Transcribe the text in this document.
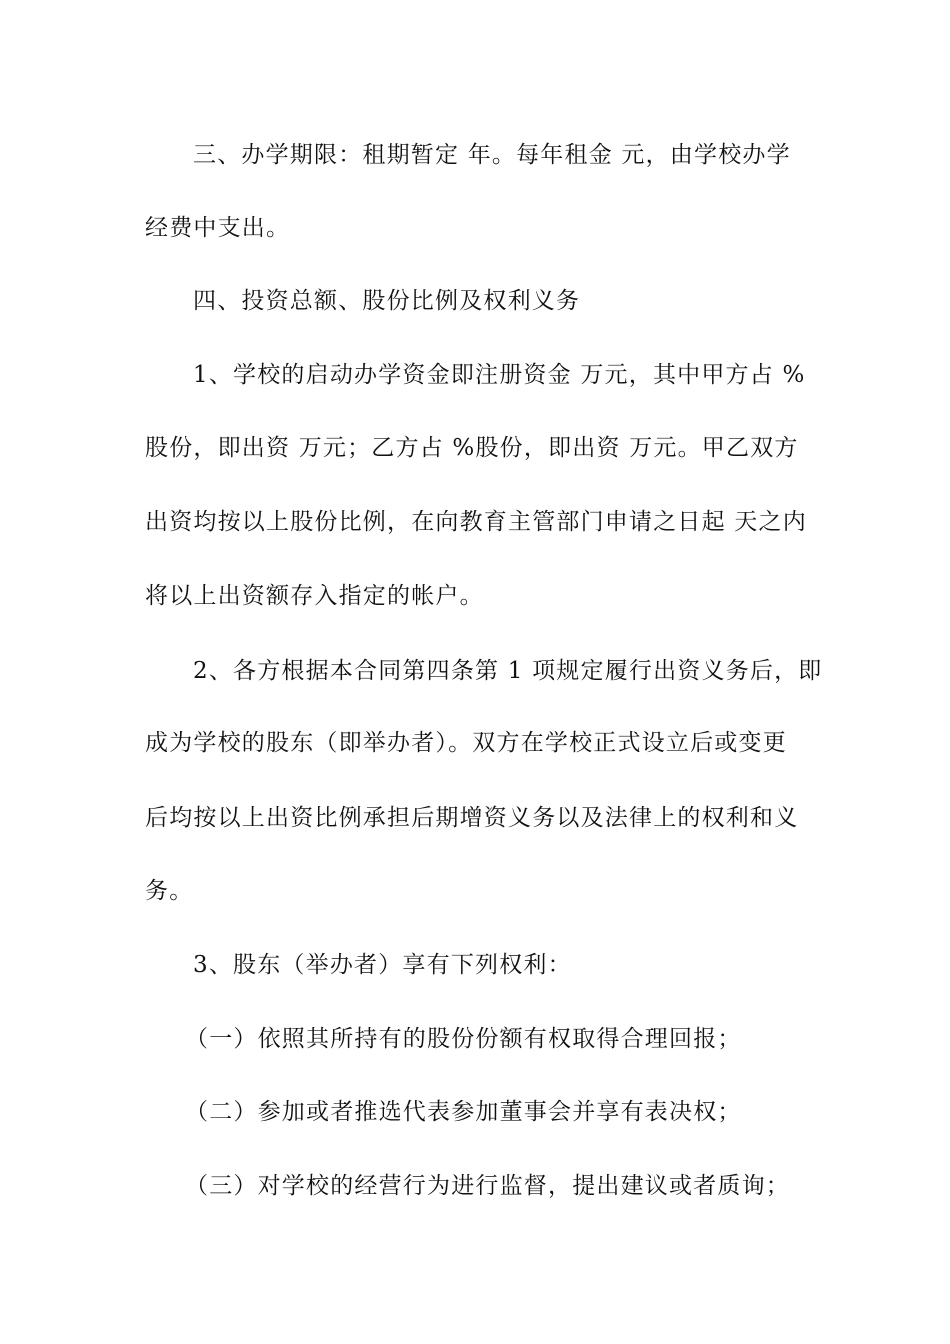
三、办学期限：租期暂定 年。每年租金 元，由学校办学
经费中支出。
四、投资总额、股份比例及权利义务
1、学校的启动办学资金即注册资金 万元，其中甲方占 %
股份，即出资 万元；乙方占 %股份，即出资 万元。甲乙双方
出资均按以上股份比例，在向教育主管部门申请之日起 天之内
将以上出资额存入指定的帐户。
2、各方根据本合同第四条第 1 项规定履行出资义务后，即
成为学校的股东（即举办者）。双方在学校正式设立后或变更
后均按以上出资比例承担后期增资义务以及法律上的权利和义
务。
3、股东（举办者）享有下列权利：
（一）依照其所持有的股份份额有权取得合理回报；
（二）参加或者推选代表参加董事会并享有表决权；
（三）对学校的经营行为进行监督，提出建议或者质询；
